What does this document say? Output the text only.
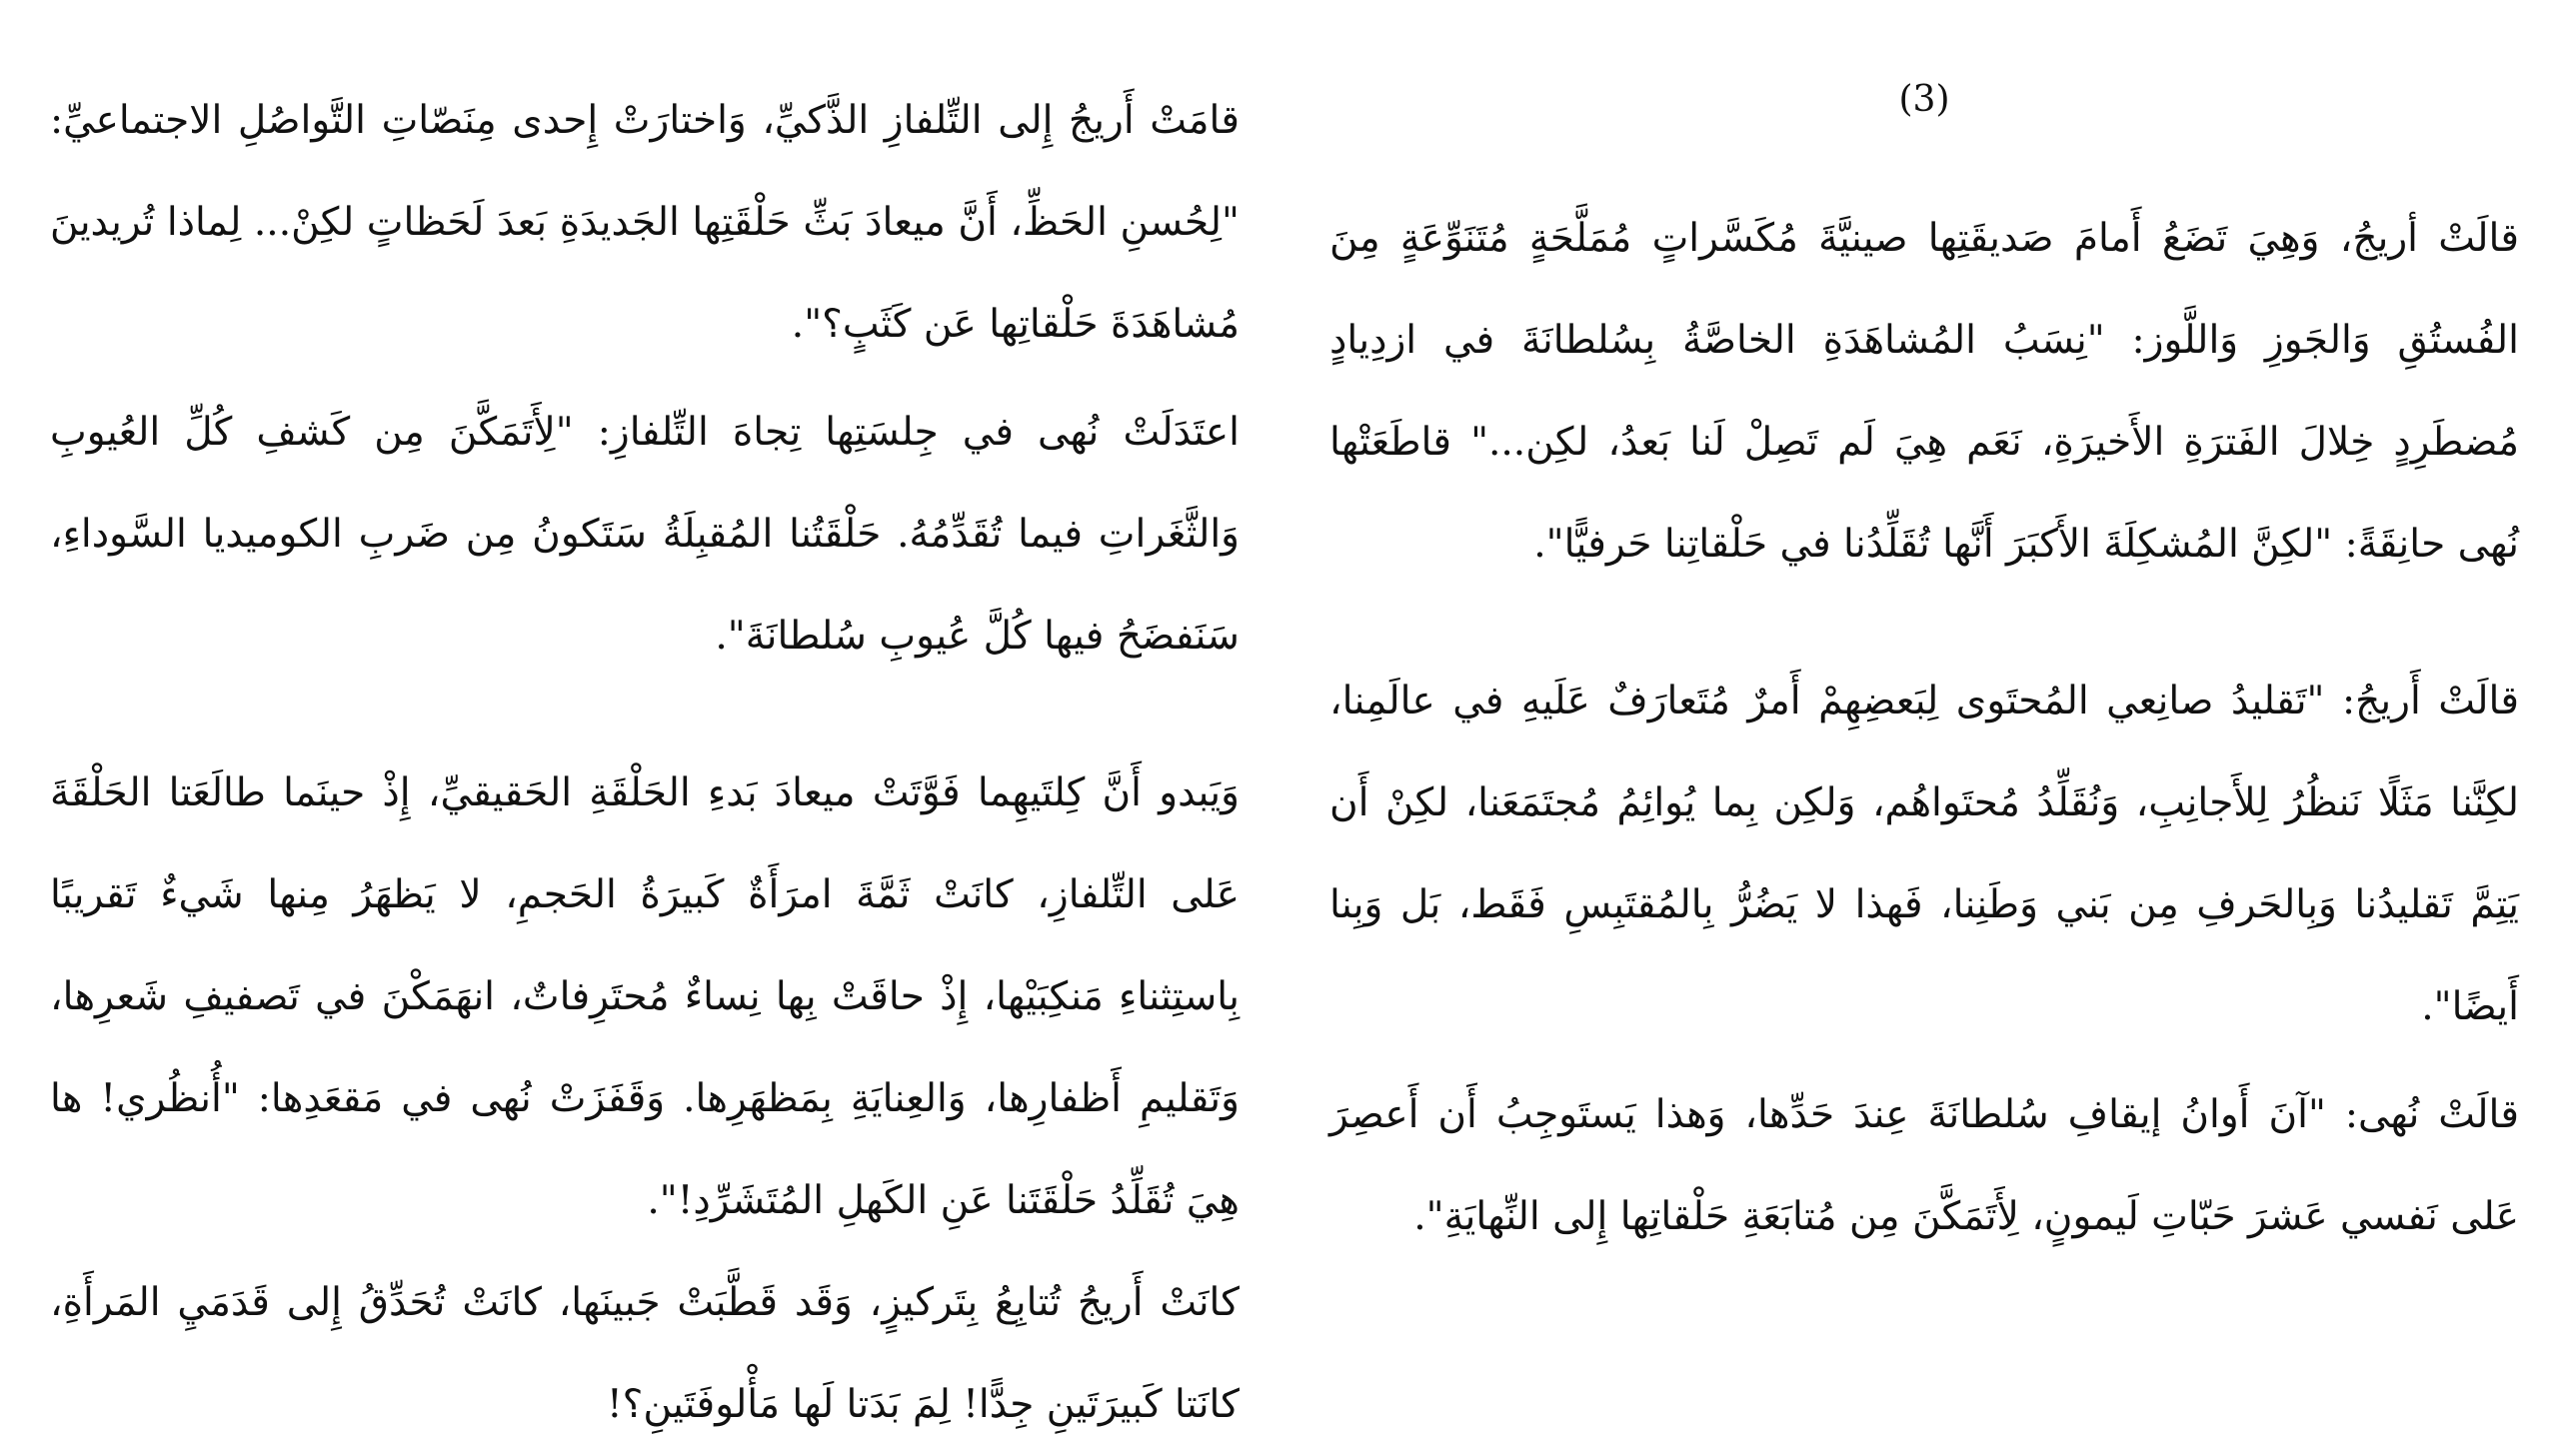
(3)

قالَتْ أريجُ، وَهِيَ تَضَعُ أَمامَ صَديقَتِها صينيَّةَ مُكَسَّراتٍ مُمَلَّحَةٍ مُتَنَوِّعَةٍ مِنَ الفُستُقِ وَالجَوزِ وَاللَّوز: "نِسَبُ المُشاهَدَةِ الخاصَّةُ بِسُلطانَةَ في ازدِيادٍ مُضطَرِدٍ خِلالَ الفَترَةِ الأَخيرَةِ، نَعَم هِيَ لَم تَصِلْ لَنا بَعدُ، لكِن..." قاطَعَتْها نُهى حانِقَةً: "لكِنَّ المُشكِلَةَ الأَكبَرَ أَنَّها تُقَلِّدُنا في حَلْقاتِنا حَرفيًّا".

قالَتْ أَريجُ: "تَقليدُ صانِعي المُحتَوى لِبَعضِهِمْ أَمرٌ مُتَعارَفٌ عَلَيهِ في عالَمِنا، لكِنَّنا مَثَلًا نَنظُرُ لِلأَجانِبِ، وَنُقَلِّدُ مُحتَواهُم، وَلكِن بِما يُوائِمُ مُجتَمَعَنا، لكِنْ أَن يَتِمَّ تَقليدُنا وَبِالحَرفِ مِن بَني وَطَنِنا، فَهذا لا يَضُرُّ بِالمُقتَبِسِ فَقَط، بَل وَبِنا أَيضًا".

قالَتْ نُهى: "آنَ أَوانُ إيقافِ سُلطانَةَ عِندَ حَدِّها، وَهذا يَستَوجِبُ أَن أَعصِرَ عَلى نَفسي عَشرَ حَبّاتِ لَيمونٍ، لِأَتَمَكَّنَ مِن مُتابَعَةِ حَلْقاتِها إِلى النِّهايَةِ".

قامَتْ أَريجُ إِلى التِّلفازِ الذَّكيِّ، وَاختارَتْ إِحدى مِنَصّاتِ التَّواصُلِ الاجتماعيِّ: "لِحُسنِ الحَظِّ، أَنَّ ميعادَ بَثِّ حَلْقَتِها الجَديدَةِ بَعدَ لَحَظاتٍ لكِنْ... لِماذا تُريدينَ مُشاهَدَةَ حَلْقاتِها عَن كَثَبٍ؟".

اعتَدَلَتْ نُهى في جِلسَتِها تِجاهَ التِّلفازِ: "لِأَتَمَكَّنَ مِن كَشفِ كُلِّ العُيوبِ وَالثَّغَراتِ فيما تُقَدِّمُهُ. حَلْقَتُنا المُقبِلَةُ سَتَكونُ مِن ضَربِ الكوميديا السَّوداءِ، سَنَفضَحُ فيها كُلَّ عُيوبِ سُلطانَةَ".

وَيَبدو أَنَّ كِلتَيهِما فَوَّتَتْ ميعادَ بَدءِ الحَلْقَةِ الحَقيقيِّ، إِذْ حينَما طالَعَتا الحَلْقَةَ عَلى التِّلفازِ، كانَتْ ثَمَّةَ امرَأَةٌ كَبيرَةُ الحَجمِ، لا يَظهَرُ مِنها شَيءٌ تَقريبًا بِاستِثناءِ مَنكِبَيْها، إِذْ حاقَتْ بِها نِساءٌ مُحتَرِفاتٌ، انهَمَكْنَ في تَصفيفِ شَعرِها، وَتَقليمِ أَظفارِها، وَالعِنايَةِ بِمَظهَرِها. وَقَفَزَتْ نُهى في مَقعَدِها: "أُنظُري! ها هِيَ تُقَلِّدُ حَلْقَتَنا عَنِ الكَهلِ المُتَشَرِّدِ!".

كانَتْ أَريجُ تُتابِعُ بِتَركيزٍ، وَقَد قَطَّبَتْ جَبينَها، كانَتْ تُحَدِّقُ إِلى قَدَمَيِ المَرأَةِ، كانَتا كَبيرَتَينِ جِدًّا! لِمَ بَدَتا لَها مَأْلوفَتَينِ؟!
